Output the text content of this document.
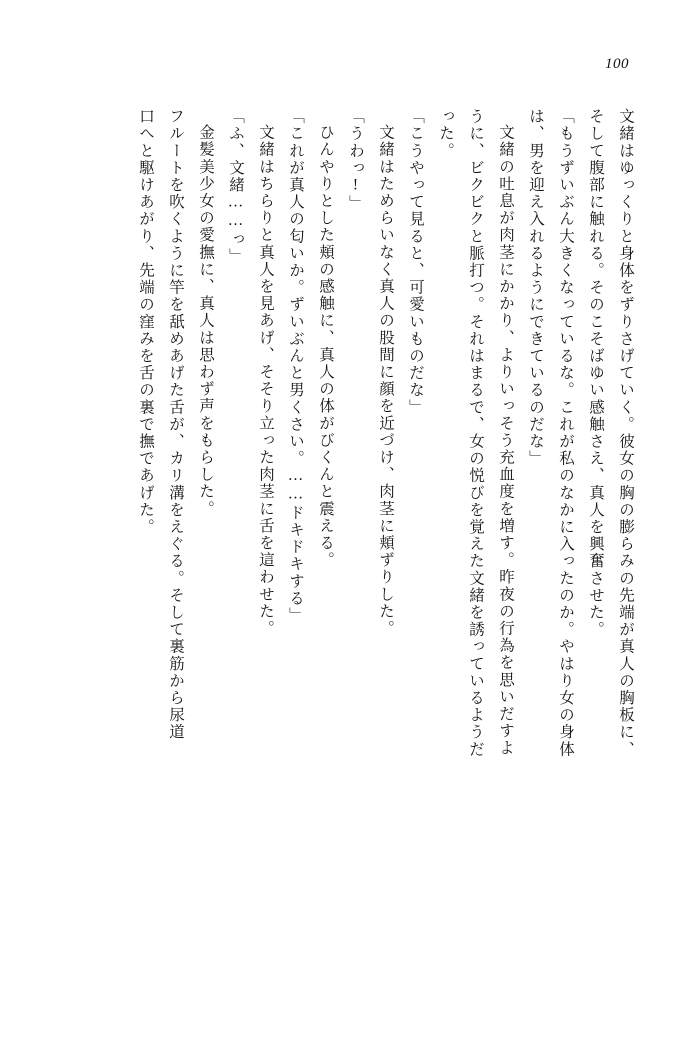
100
文緒はゆっくりと身体をずりさげていく。彼女の胸の膨らみの先端が真人の胸板に、
そして腹部に触れる。そのこそばゆい感触さえ、真人を興奮させた。
「もうずいぶん大きくなっているな。これが私のなかに入ったのか。やはり女の身体
は、男を迎え入れるようにできているのだな」
文緒の吐息が肉茎にかかり、よりいっそう充血度を増す。昨夜の行為を思いだすよ
うに、ビクビクと脈打つ。それはまるで、女の悦びを覚えた文緒を誘っているようだ
った。
「こうやって見ると、可愛いものだな」
文緒はためらいなく真人の股間に顔を近づけ、肉茎に頬ずりした。
「うわっ!」
ひんやりとした頬の感触に、真人の体がびくんと震える。
「これが真人の匂いか。ずいぶんと男くさい。……ドキドキする」
文緒はちらりと真人を見あげ、そそり立った肉茎に舌を這わせた。
「ふ、文緒……っ」
金髪美少女の愛撫に、真人は思わず声をもらした。
フルートを吹くように竿を舐めあげた舌が、カリ溝をえぐる。そして裏筋から尿道
口へと駆けあがり、先端の窪みを舌の裏で撫であげた。
